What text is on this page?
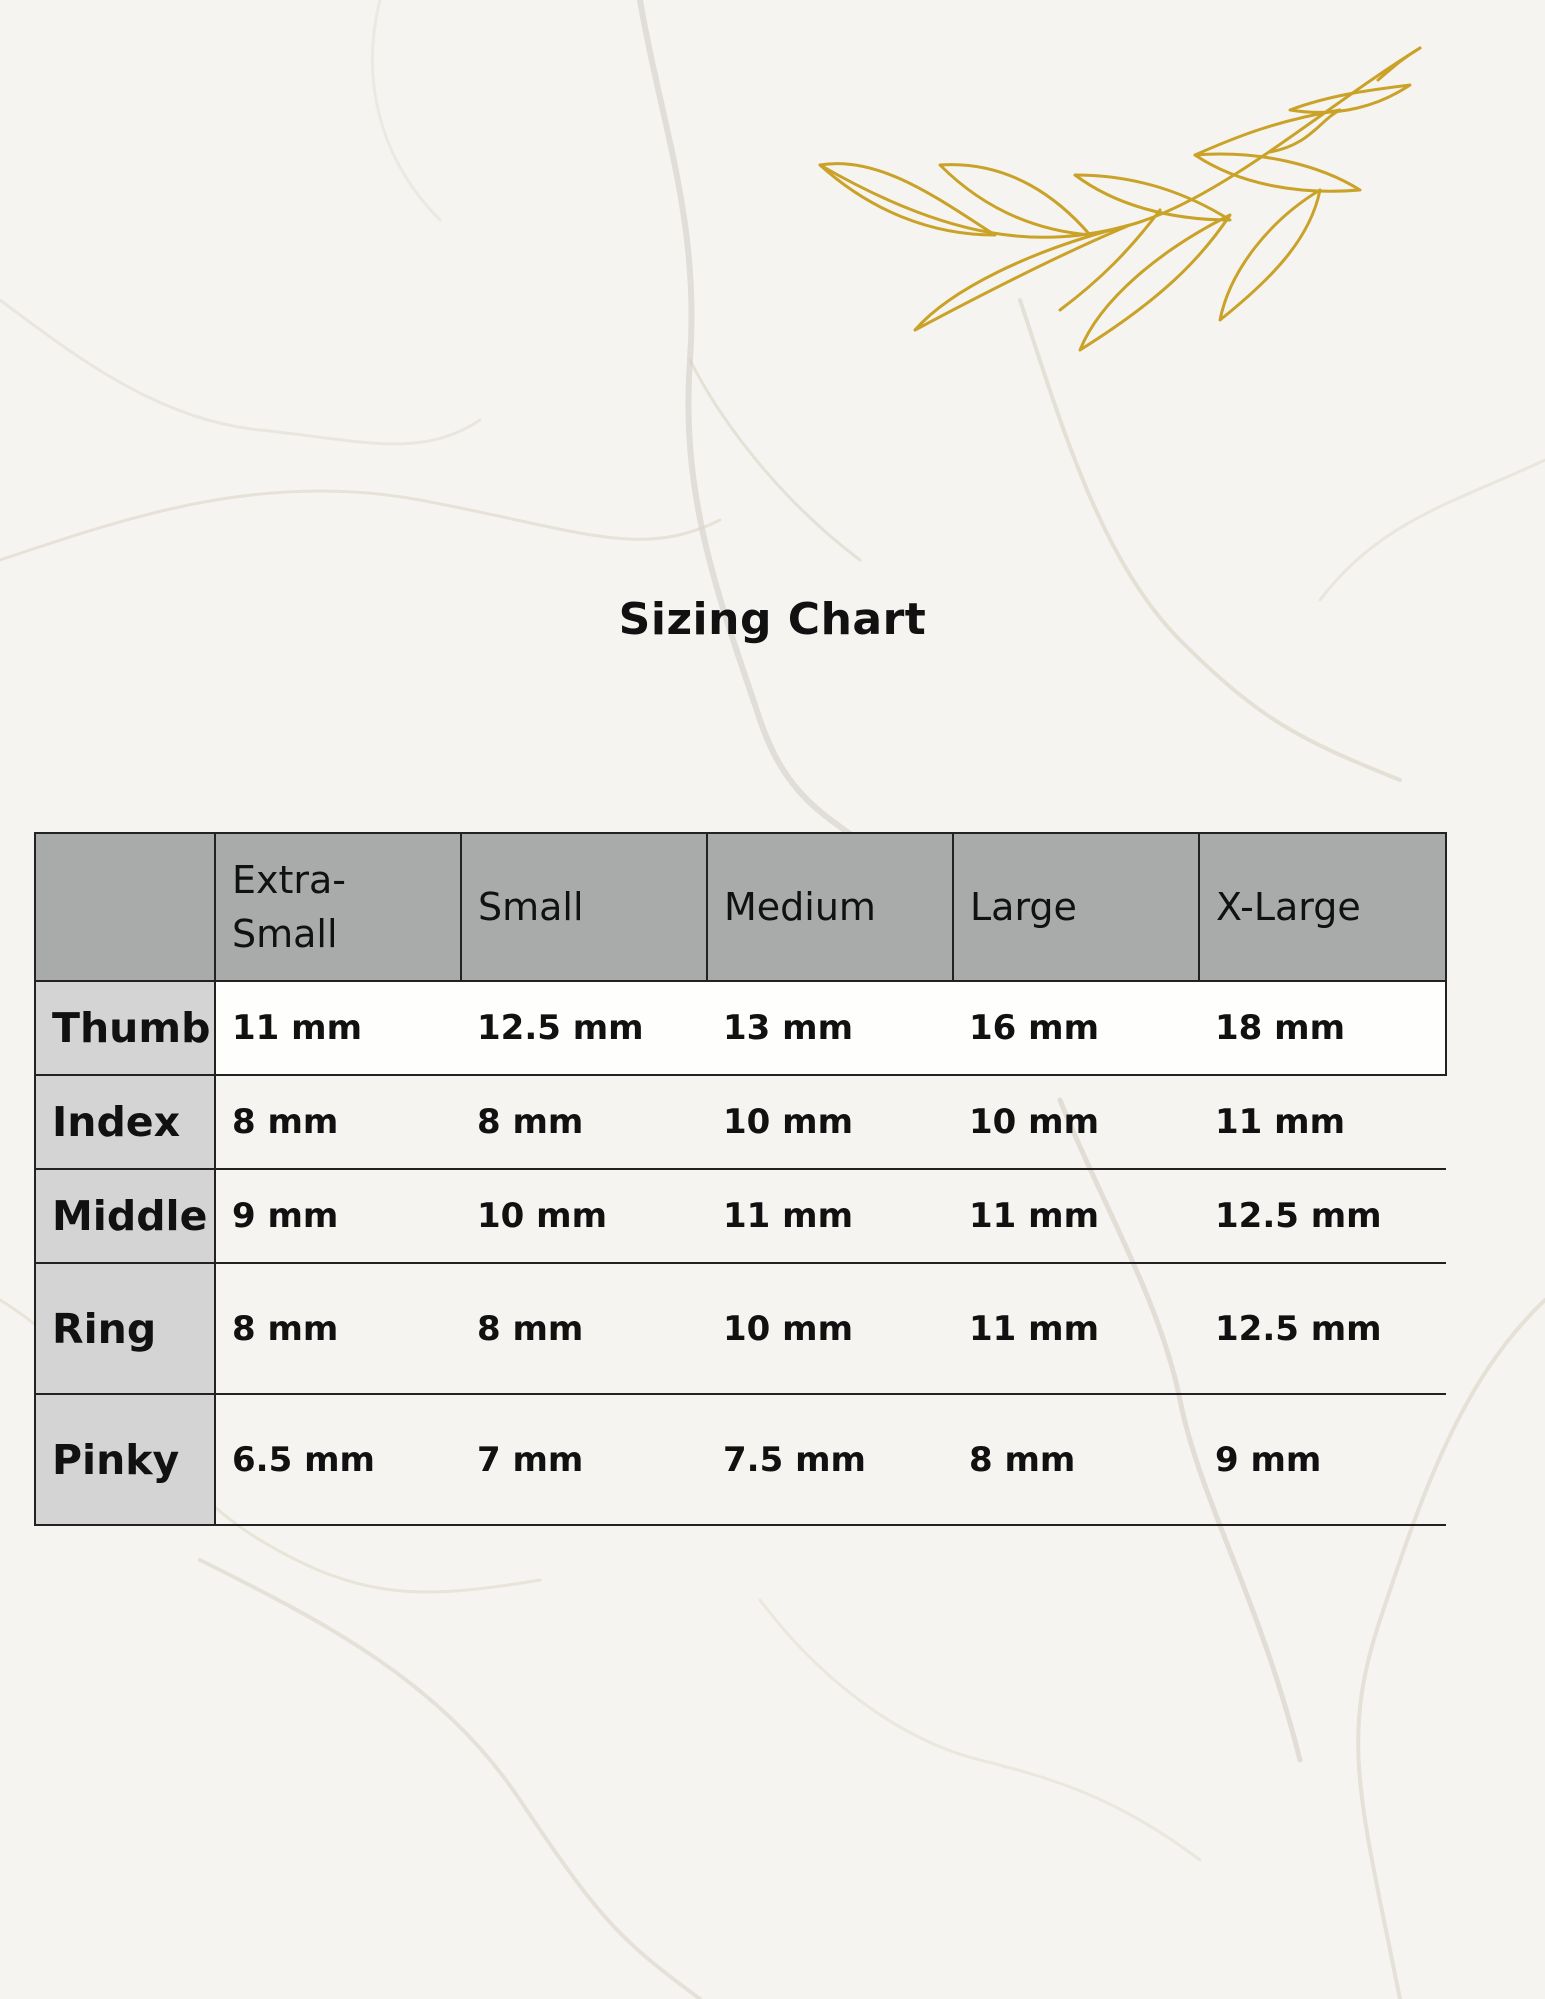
Sizing Chart
	Extra-Small	Small	Medium	Large	X-Large
Thumb	11 mm	12.5 mm	13 mm	16 mm	18 mm
Index	8 mm	8 mm	10 mm	10 mm	11 mm
Middle	9 mm	10 mm	11 mm	11 mm	12.5 mm
Ring	8 mm	8 mm	10 mm	11 mm	12.5 mm
Pinky	6.5 mm	7 mm	7.5 mm	8 mm	9 mm
